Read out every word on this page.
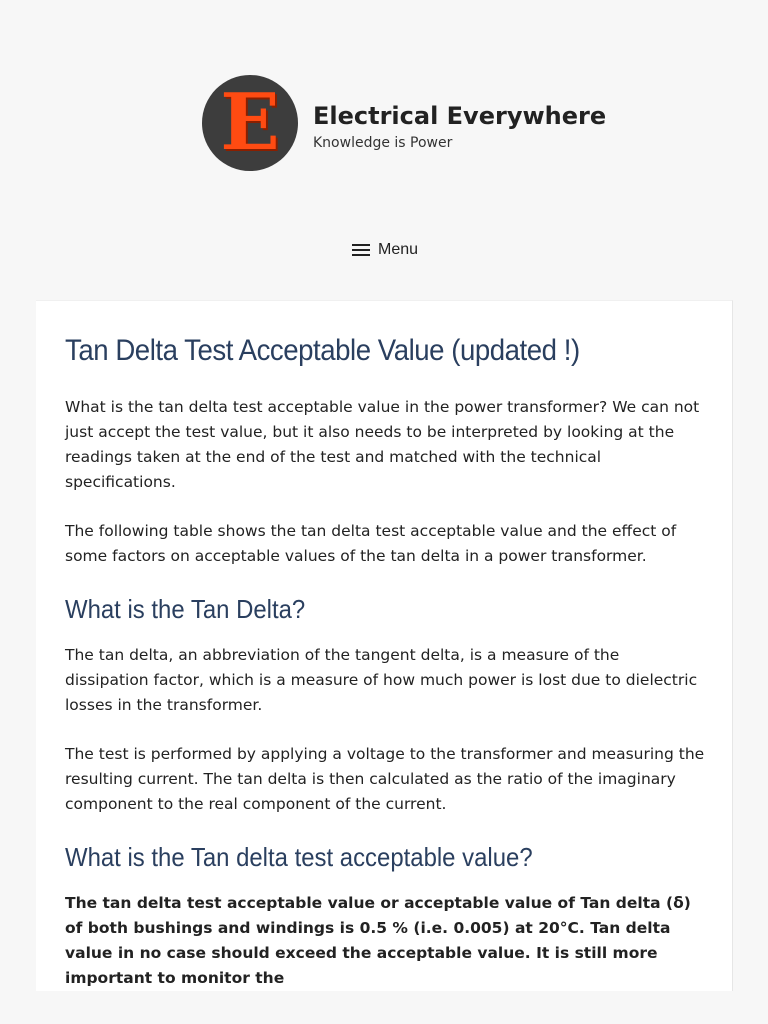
E	Electrical Everywhere
Knowledge is Power
Menu
Tan Delta Test Acceptable Value (updated !)

What is the tan delta test acceptable value in the power transformer? We can not just accept the test value, but it also needs to be interpreted by looking at the readings taken at the end of the test and matched with the technical specifications.

The following table shows the tan delta test acceptable value and the effect of some factors on acceptable values of the tan delta in a power transformer.

What is the Tan Delta?

The tan delta, an abbreviation of the tangent delta, is a measure of the dissipation factor, which is a measure of how much power is lost due to dielectric losses in the transformer.

The test is performed by applying a voltage to the transformer and measuring the resulting current. The tan delta is then calculated as the ratio of the imaginary component to the real component of the current.

What is the Tan delta test acceptable value?

The tan delta test acceptable value or acceptable value of Tan delta (δ) of both bushings and windings is 0.5 % (i.e. 0.005) at 20°C. Tan delta value in no case should exceed the acceptable value. It is still more important to monitor the
